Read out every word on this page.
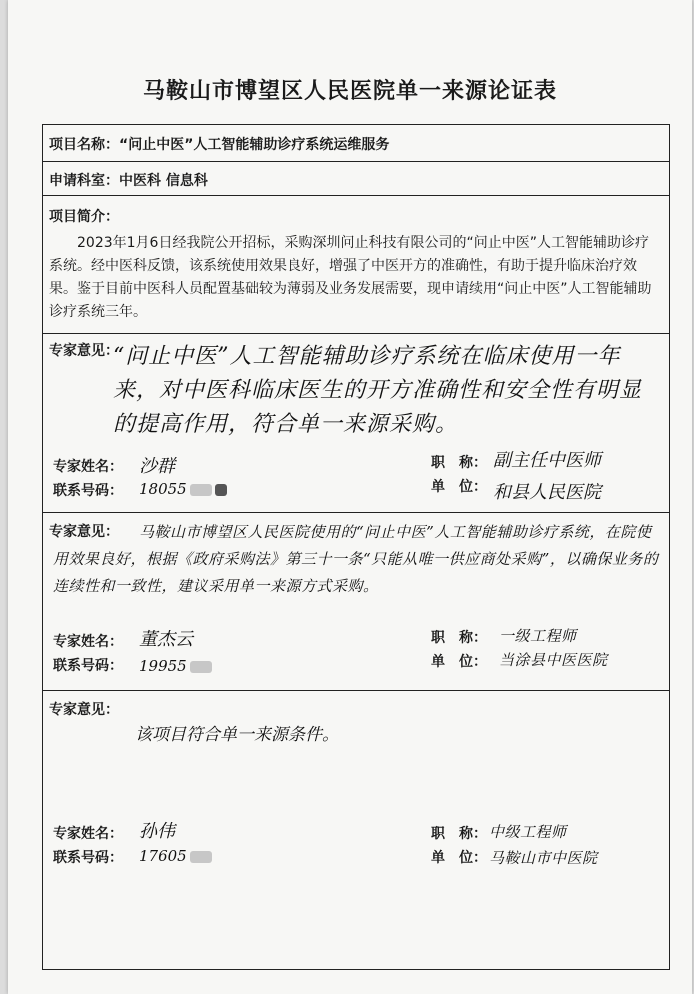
马鞍山市博望区人民医院单一来源论证表
项目名称：“问止中医”人工智能辅助诊疗系统运维服务
申请科室：中医科 信息科
项目简介：
2023年1月6日经我院公开招标，采购深圳问止科技有限公司的“问止中医”人工智能辅助诊疗系统。经中医科反馈，该系统使用效果良好，增强了中医开方的准确性，有助于提升临床治疗效果。鉴于目前中医科人员配置基础较为薄弱及业务发展需要，现申请续用“问止中医”人工智能辅助诊疗系统三年。
专家意见：
“问止中医”人工智能辅助诊疗系统在临床使用一年来，对中医科临床医生的开方准确性和安全性有明显的提高作用，符合单一来源采购。
专家姓名： 沙群
联系号码： 18055
职　称： 副主任中医师
单　位： 和县人民医院
专家意见：	马鞍山市博望区人民医院使用的“问止中医”人工智能辅助诊疗系统，在院使用效果良好，根据《政府采购法》第三十一条“只能从唯一供应商处采购”，以确保业务的连续性和一致性，建议采用单一来源方式采购。
专家姓名： 董杰云
联系号码： 19955
职　称： 一级工程师
单　位： 当涂县中医医院
专家意见：
该项目符合单一来源条件。
专家姓名： 孙伟
联系号码： 17605
职　称： 中级工程师
单　位： 马鞍山市中医院
